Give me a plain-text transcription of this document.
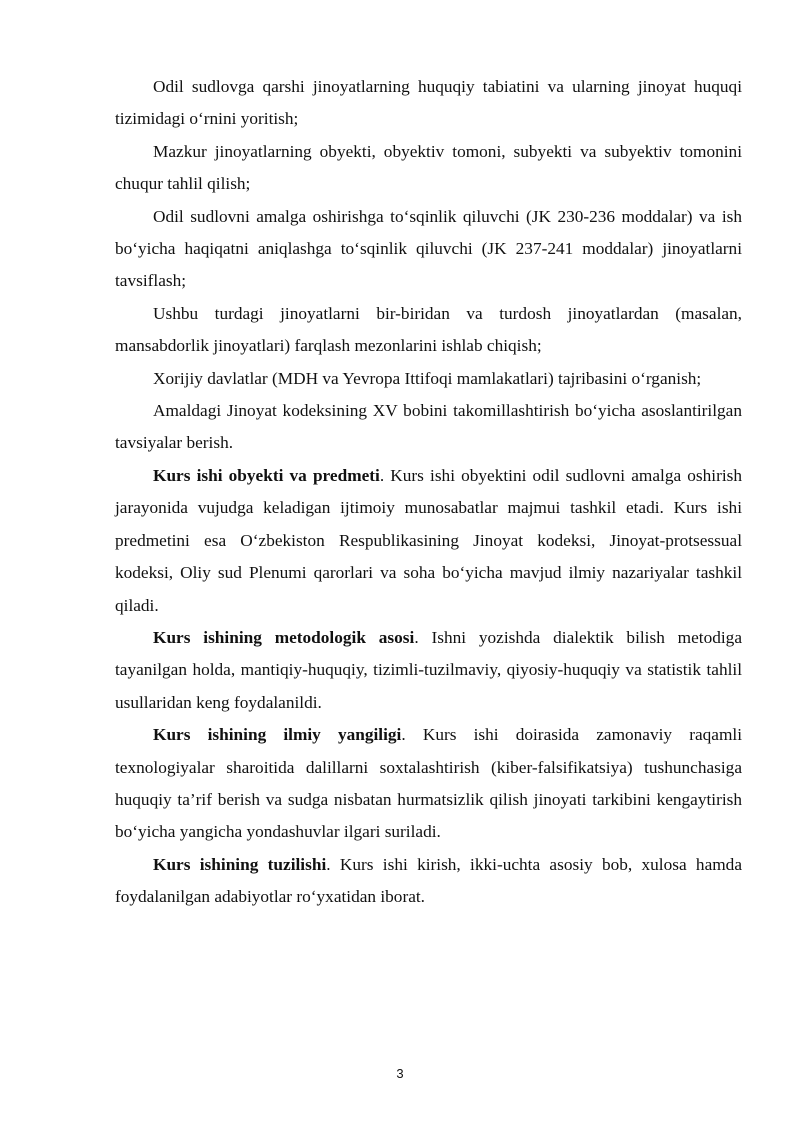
Odil sudlovga qarshi jinoyatlarning huquqiy tabiatini va ularning jinoyat huquqi tizimidagi o‘rnini yoritish;

Mazkur jinoyatlarning obyekti, obyektiv tomoni, subyekti va subyektiv tomonini chuqur tahlil qilish;

Odil sudlovni amalga oshirishga to‘sqinlik qiluvchi (JK 230-236 moddalar) va ish bo‘yicha haqiqatni aniqlashga to‘sqinlik qiluvchi (JK 237-241 moddalar) jinoyatlarni tavsiflash;

Ushbu turdagi jinoyatlarni bir-biridan va turdosh jinoyatlardan (masalan, mansabdorlik jinoyatlari) farqlash mezonlarini ishlab chiqish;

Xorijiy davlatlar (MDH va Yevropa Ittifoqi mamlakatlari) tajribasini o‘rganish;

Amaldagi Jinoyat kodeksining XV bobini takomillashtirish bo‘yicha asoslantirilgan tavsiyalar berish.

Kurs ishi obyekti va predmeti. Kurs ishi obyektini odil sudlovni amalga oshirish jarayonida vujudga keladigan ijtimoiy munosabatlar majmui tashkil etadi. Kurs ishi predmetini esa O‘zbekiston Respublikasining Jinoyat kodeksi, Jinoyat-protsessual kodeksi, Oliy sud Plenumi qarorlari va soha bo‘yicha mavjud ilmiy nazariyalar tashkil qiladi.

Kurs ishining metodologik asosi. Ishni yozishda dialektik bilish metodiga tayanilgan holda, mantiqiy-huquqiy, tizimli-tuzilmaviy, qiyosiy-huquqiy va statistik tahlil usullaridan keng foydalanildi.

Kurs ishining ilmiy yangiligi. Kurs ishi doirasida zamonaviy raqamli texnologiyalar sharoitida dalillarni soxtalashtirish (kiber-falsifikatsiya) tushunchasiga huquqiy ta’rif berish va sudga nisbatan hurmatsizlik qilish jinoyati tarkibini kengaytirish bo‘yicha yangicha yondashuvlar ilgari suriladi.

Kurs ishining tuzilishi. Kurs ishi kirish, ikki-uchta asosiy bob, xulosa hamda foydalanilgan adabiyotlar ro‘yxatidan iborat.

3
